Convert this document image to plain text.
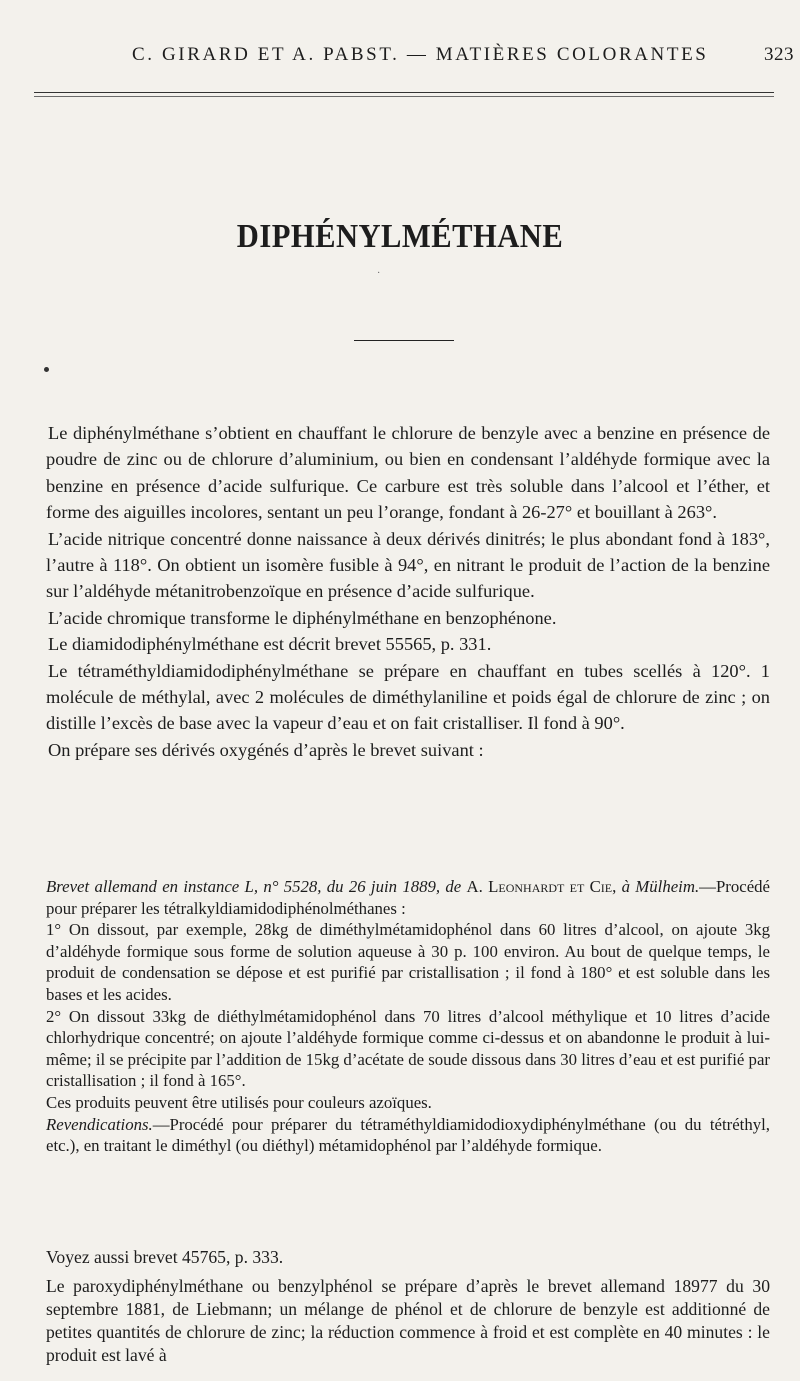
C. GIRARD ET A. PABST. — MATIÈRES COLORANTES	323
DIPHÉNYLMÉTHANE
·

Le diphénylméthane s’obtient en chauffant le chlorure de benzyle avec a benzine en présence de poudre de zinc ou de chlorure d’aluminium, ou bien en condensant l’aldéhyde formique avec la benzine en présence d’acide sulfurique. Ce carbure est très soluble dans l’alcool et l’éther, et forme des aiguilles incolores, sentant un peu l’orange, fondant à 26-27° et bouillant à 263°.

L’acide nitrique concentré donne naissance à deux dérivés dinitrés; le plus abondant fond à 183°, l’autre à 118°. On obtient un isomère fusible à 94°, en nitrant le produit de l’action de la benzine sur l’aldéhyde métanitrobenzoïque en présence d’acide sulfurique.

L’acide chromique transforme le diphénylméthane en benzophénone.

Le diamidodiphénylméthane est décrit brevet 55565, p. 331.

Le tétraméthyldiamidodiphénylméthane se prépare en chauffant en tubes scellés à 120°. 1 molécule de méthylal, avec 2 molécules de diméthylaniline et poids égal de chlorure de zinc ; on distille l’excès de base avec la vapeur d’eau et on fait cristalliser. Il fond à 90°.

On prépare ses dérivés oxygénés d’après le brevet suivant :

Brevet allemand en instance L, n° 5528, du 26 juin 1889, de A. Leonhardt et Cie, à Mülheim.—Procédé pour préparer les tétralkyldiamidodiphénolméthanes :

1° On dissout, par exemple, 28kg de diméthylmétamidophénol dans 60 litres d’alcool, on ajoute 3kg d’aldéhyde formique sous forme de solution aqueuse à 30 p. 100 environ. Au bout de quelque temps, le produit de condensation se dépose et est purifié par cristallisation ; il fond à 180° et est soluble dans les bases et les acides.

2° On dissout 33kg de diéthylmétamidophénol dans 70 litres d’alcool méthylique et 10 litres d’acide chlorhydrique concentré; on ajoute l’aldéhyde formique comme ci-dessus et on abandonne le produit à lui-même; il se précipite par l’addition de 15kg d’acétate de soude dissous dans 30 litres d’eau et est purifié par cristallisation ; il fond à 165°.

Ces produits peuvent être utilisés pour couleurs azoïques.

Revendications.—Procédé pour préparer du tétraméthyldiamidodioxydiphénylméthane (ou du tétréthyl, etc.), en traitant le diméthyl (ou diéthyl) métamidophénol par l’aldéhyde formique.

Voyez aussi brevet 45765, p. 333.

Le paroxydiphénylméthane ou benzylphénol se prépare d’après le brevet allemand 18977 du 30 septembre 1881, de Liebmann; un mélange de phénol et de chlorure de benzyle est additionné de petites quantités de chlorure de zinc; la réduction commence à froid et est complète en 40 minutes : le produit est lavé à
